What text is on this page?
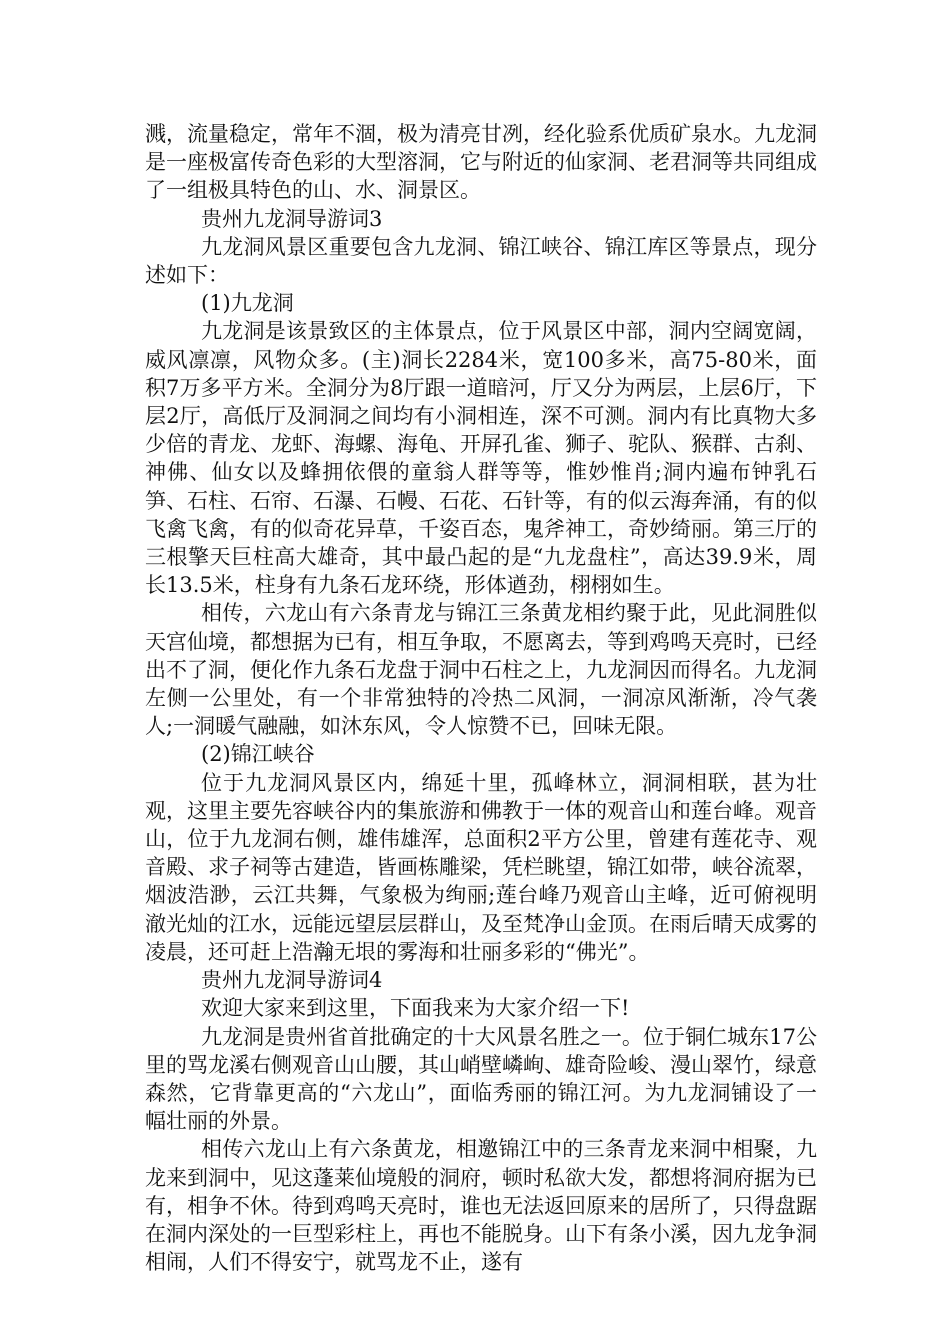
溅，流量稳定，常年不涸，极为清亮甘冽，经化验系优质矿泉水。九龙洞是一座极富传奇色彩的大型溶洞，它与附近的仙家洞、老君洞等共同组成了一组极具特色的山、水、洞景区。

贵州九龙洞导游词3

九龙洞风景区重要包含九龙洞、锦江峡谷、锦江库区等景点，现分述如下：

(1)九龙洞

九龙洞是该景致区的主体景点，位于风景区中部，洞内空阔宽阔，威风凛凛，风物众多。(主)洞长2284米，宽100多米，高75-80米，面积7万多平方米。全洞分为8厅跟一道暗河，厅又分为两层，上层6厅，下层2厅，高低厅及洞洞之间均有小洞相连，深不可测。洞内有比真物大多少倍的青龙、龙虾、海螺、海龟、开屏孔雀、狮子、驼队、猴群、古刹、神佛、仙女以及蜂拥依偎的童翁人群等等，惟妙惟肖;洞内遍布钟乳石笋、石柱、石帘、石瀑、石幔、石花、石针等，有的似云海奔涌，有的似飞禽飞禽，有的似奇花异草，千姿百态，鬼斧神工，奇妙绮丽。第三厅的三根擎天巨柱高大雄奇，其中最凸起的是“九龙盘柱”，高达39.9米，周长13.5米，柱身有九条石龙环绕，形体遒劲，栩栩如生。

相传，六龙山有六条青龙与锦江三条黄龙相约聚于此，见此洞胜似天宫仙境，都想据为已有，相互争取，不愿离去，等到鸡鸣天亮时，已经出不了洞，便化作九条石龙盘于洞中石柱之上，九龙洞因而得名。九龙洞左侧一公里处，有一个非常独特的冷热二风洞，一洞凉风渐渐，冷气袭人;一洞暖气融融，如沐东风，令人惊赞不已，回味无限。

(2)锦江峡谷

位于九龙洞风景区内，绵延十里，孤峰林立，洞洞相联，甚为壮观，这里主要先容峡谷内的集旅游和佛教于一体的观音山和莲台峰。观音山，位于九龙洞右侧，雄伟雄浑，总面积2平方公里，曾建有莲花寺、观音殿、求子祠等古建造，皆画栋雕梁，凭栏眺望，锦江如带，峡谷流翠，烟波浩渺，云江共舞，气象极为绚丽;莲台峰乃观音山主峰，近可俯视明澈光灿的江水，远能远望层层群山，及至梵净山金顶。在雨后晴天成雾的凌晨，还可赶上浩瀚无垠的雾海和壮丽多彩的“佛光”。

贵州九龙洞导游词4

欢迎大家来到这里，下面我来为大家介绍一下!

九龙洞是贵州省首批确定的十大风景名胜之一。位于铜仁城东17公里的骂龙溪右侧观音山山腰，其山峭壁嶙峋、雄奇险峻、漫山翠竹，绿意森然，它背靠更高的“六龙山”，面临秀丽的锦江河。为九龙洞铺设了一幅壮丽的外景。

相传六龙山上有六条黄龙，相邀锦江中的三条青龙来洞中相聚，九龙来到洞中，见这蓬莱仙境般的洞府，顿时私欲大发，都想将洞府据为已有，相争不休。待到鸡鸣天亮时，谁也无法返回原来的居所了，只得盘踞在洞内深处的一巨型彩柱上，再也不能脱身。山下有条小溪，因九龙争洞相闹，人们不得安宁，就骂龙不止，遂有
